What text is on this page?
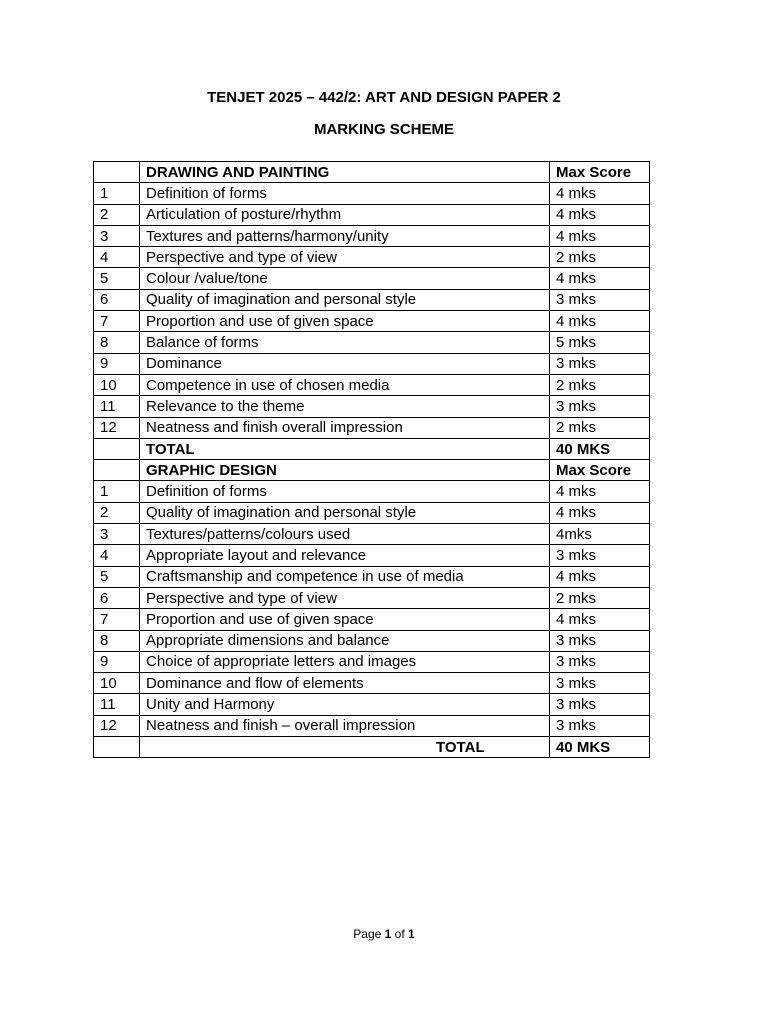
TENJET 2025 – 442/2: ART AND DESIGN PAPER 2
MARKING SCHEME
	DRAWING AND PAINTING	Max Score
1	Definition of forms	4 mks
2	Articulation of posture/rhythm	4 mks
3	Textures and patterns/harmony/unity	4 mks
4	Perspective and type of view	2 mks
5	Colour /value/tone	4 mks
6	Quality of imagination and personal style	3 mks
7	Proportion and use of given space	4 mks
8	Balance of forms	5 mks
9	Dominance	3 mks
10	Competence in use of chosen media	2 mks
11	Relevance to the theme	3 mks
12	Neatness and finish overall impression	2 mks
	TOTAL	40 MKS
	GRAPHIC DESIGN	Max Score
1	Definition of forms	4 mks
2	Quality of imagination and personal style	4 mks
3	Textures/patterns/colours used	4mks
4	Appropriate layout and relevance	3 mks
5	Craftsmanship and competence in use of media	4 mks
6	Perspective and type of view	2 mks
7	Proportion and use of given space	4 mks
8	Appropriate dimensions and balance	3 mks
9	Choice of appropriate letters and images	3 mks
10	Dominance and flow of elements	3 mks
11	Unity and Harmony	3 mks
12	Neatness and finish – overall impression	3 mks
	TOTAL	40 MKS
Page 1 of 1
